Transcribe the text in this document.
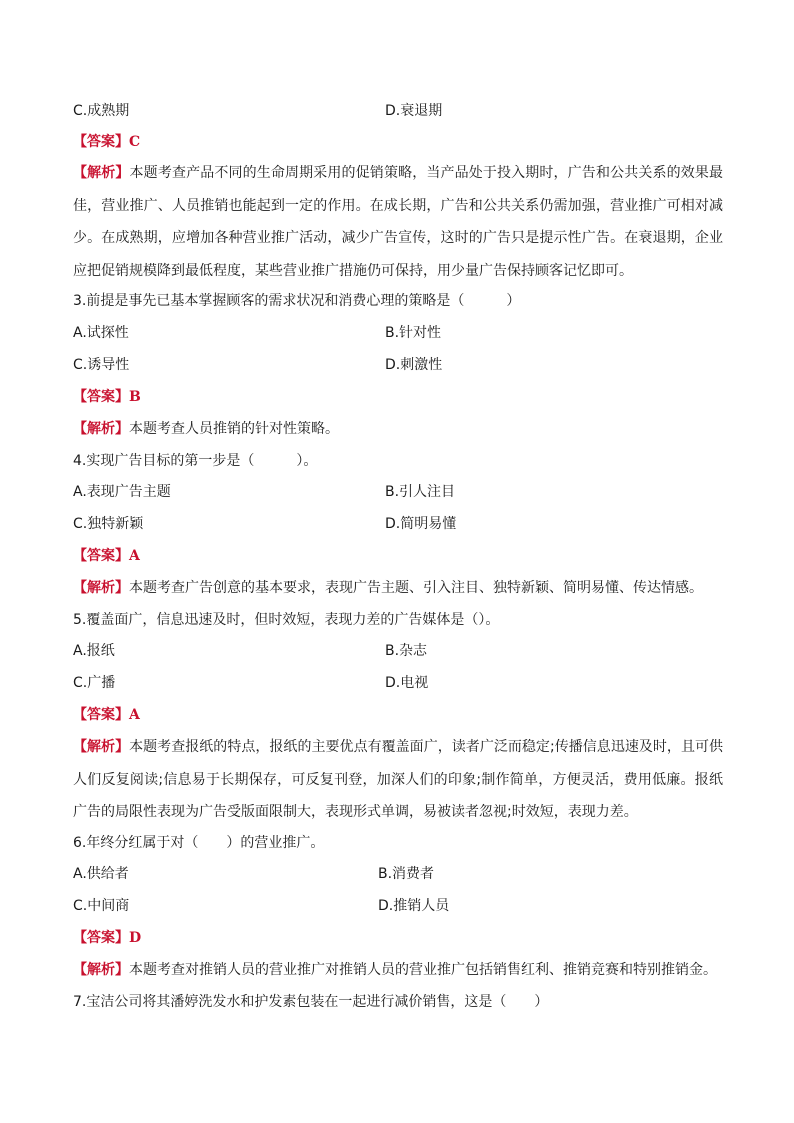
C.成熟期	D.衰退期
【答案】C
【解析】本题考查产品不同的生命周期采用的促销策略，当产品处于投入期时，广告和公共关系的效果最佳，营业推广、人员推销也能起到一定的作用。在成长期，广告和公共关系仍需加强，营业推广可相对减少。在成熟期，应增加各种营业推广活动，减少广告宣传，这时的广告只是提示性广告。在衰退期，企业应把促销规模降到最低程度，某些营业推广措施仍可保持，用少量广告保持顾客记忆即可。
3.前提是事先已基本掌握顾客的需求状况和消费心理的策略是（　　　）
A.试探性	B.针对性
C.诱导性	D.刺激性
【答案】B
【解析】本题考查人员推销的针对性策略。
4.实现广告目标的第一步是（　　　）。
A.表现广告主题	B.引人注目
C.独特新颖	D.简明易懂
【答案】A
【解析】本题考查广告创意的基本要求，表现广告主题、引入注目、独特新颖、简明易懂、传达情感。
5.覆盖面广，信息迅速及时，但时效短，表现力差的广告媒体是（）。
A.报纸	B.杂志
C.广播	D.电视
【答案】A
【解析】本题考查报纸的特点，报纸的主要优点有覆盖面广，读者广泛而稳定;传播信息迅速及时，且可供人们反复阅读;信息易于长期保存，可反复刊登，加深人们的印象;制作简单，方便灵活，费用低廉。报纸广告的局限性表现为广告受版面限制大，表现形式单调，易被读者忽视;时效短，表现力差。
6.年终分红属于对（　　）的营业推广。
A.供给者	B.消费者
C.中间商	D.推销人员
【答案】D
【解析】本题考查对推销人员的营业推广对推销人员的营业推广包括销售红利、推销竞赛和特别推销金。
7.宝洁公司将其潘婷洗发水和护发素包装在一起进行减价销售，这是（　　）
